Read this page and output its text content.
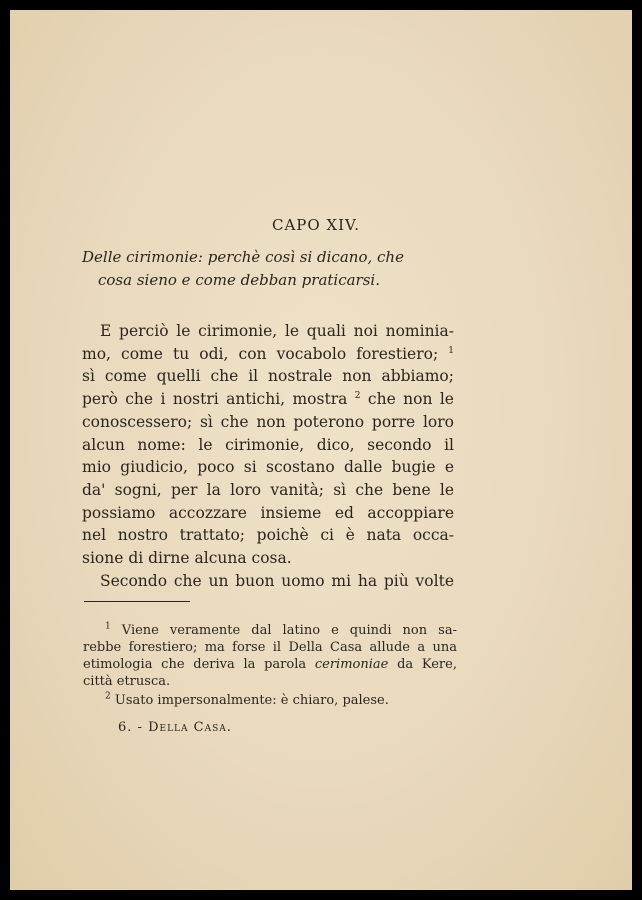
CAPO XIV.
Delle cirimonie: perchè così si dicano, che
cosa sieno e come debban praticarsi.
E perciò le cirimonie, le quali noi nominia-
mo, come tu odi, con vocabolo forestiero; $^1$
sì come quelli che il nostrale non abbiamo;
però che i nostri antichi, mostra $^2$ che non le
conoscessero; sì che non poterono porre loro
alcun nome: le cirimonie, dico, secondo il
mio giudicio, poco si scostano dalle bugie e
da' sogni, per la loro vanità; sì che bene le
possiamo accozzare insieme ed accoppiare
nel nostro trattato; poichè ci è nata occa-
sione di dirne alcuna cosa.
Secondo che un buon uomo mi ha più volte
$^1$ Viene veramente dal latino e quindi non sa-
rebbe forestiero; ma forse il Della Casa allude a una
etimologia che deriva la parola cerimoniae da Kere,
città etrusca.
$^2$ Usato impersonalmente: è chiaro, palese.
6. - Della Casa.
